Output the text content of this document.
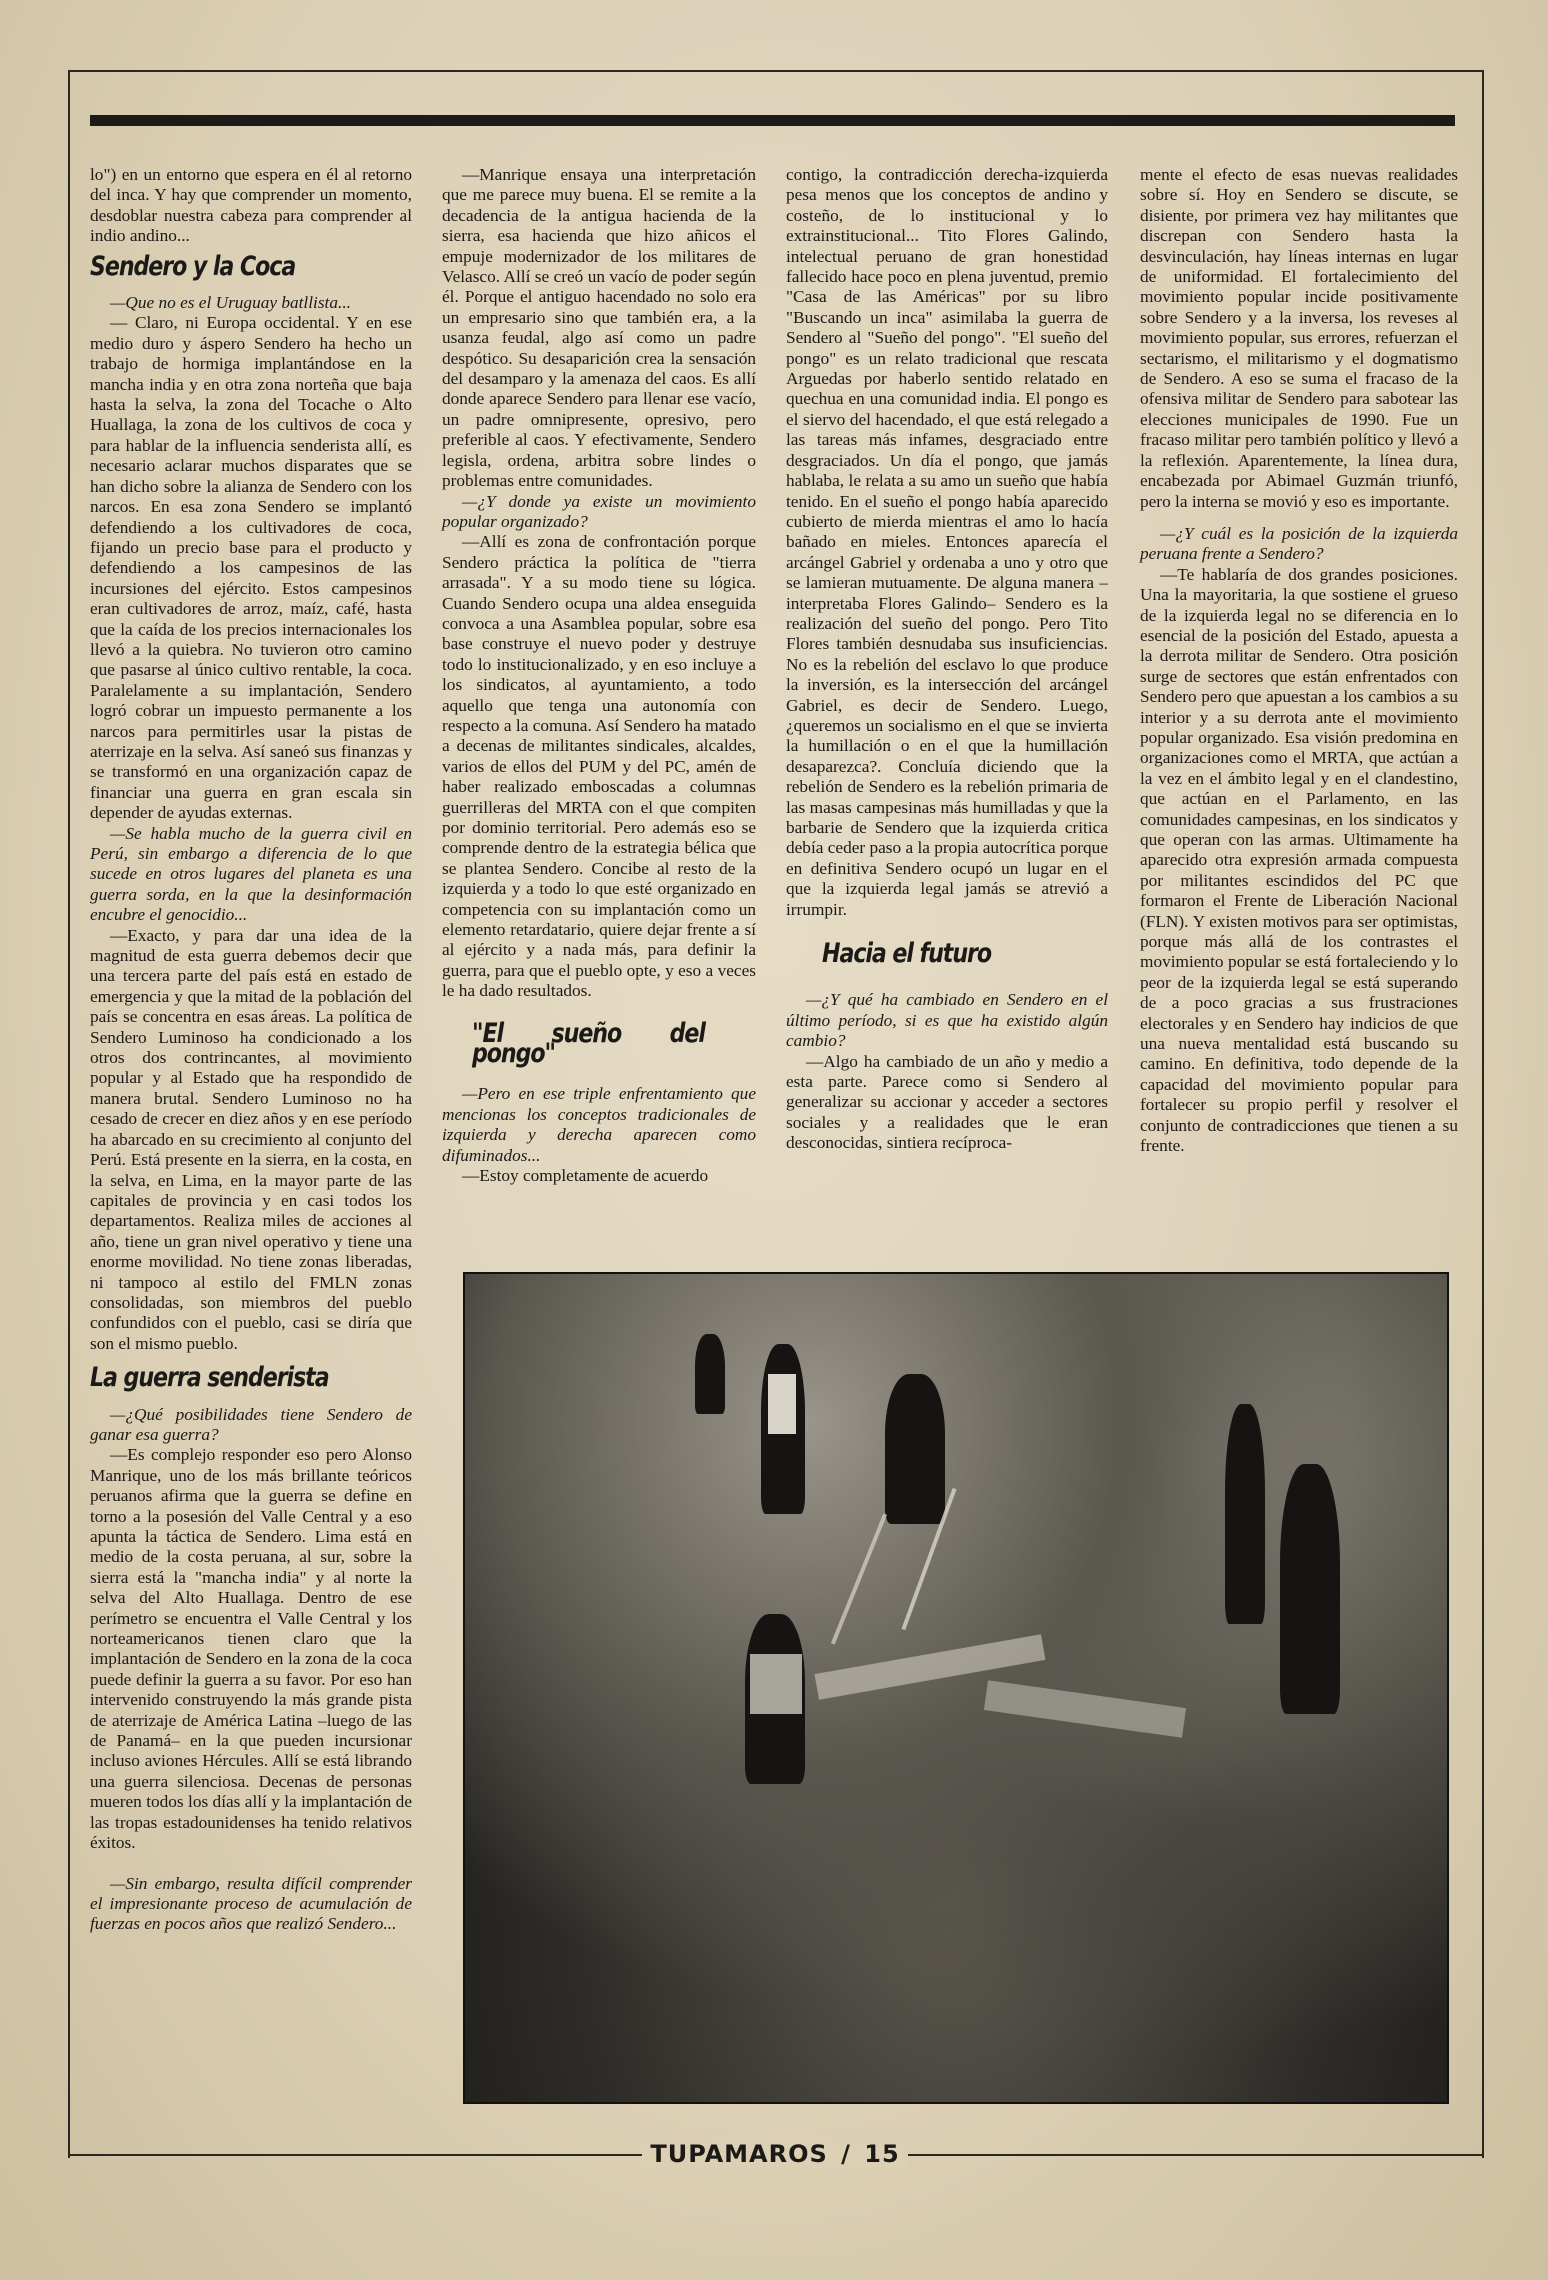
lo") en un entorno que espera en él al retorno del inca. Y hay que comprender un momento, desdoblar nuestra cabeza para comprender al indio andino...

Sendero y la Coca

—Que no es el Uruguay batllista...

— Claro, ni Europa occidental. Y en ese medio duro y áspero Sendero ha hecho un trabajo de hormiga implantándose en la mancha india y en otra zona norteña que baja hasta la selva, la zona del Tocache o Alto Huallaga, la zona de los cultivos de coca y para hablar de la influencia senderista allí, es necesario aclarar muchos disparates que se han dicho sobre la alianza de Sendero con los narcos. En esa zona Sendero se implantó defendiendo a los cultivadores de coca, fijando un precio base para el producto y defendiendo a los campesinos de las incursiones del ejército. Estos campesinos eran cultivadores de arroz, maíz, café, hasta que la caída de los precios internacionales los llevó a la quiebra. No tuvieron otro camino que pasarse al único cultivo rentable, la coca. Paralelamente a su implantación, Sendero logró cobrar un impuesto permanente a los narcos para permitirles usar la pistas de aterrizaje en la selva. Así saneó sus finanzas y se transformó en una organización capaz de financiar una guerra en gran escala sin depender de ayudas externas.

—Se habla mucho de la guerra civil en Perú, sin embargo a diferencia de lo que sucede en otros lugares del planeta es una guerra sorda, en la que la desinformación encubre el genocidio...

—Exacto, y para dar una idea de la magnitud de esta guerra debemos decir que una tercera parte del país está en estado de emergencia y que la mitad de la población del país se concentra en esas áreas. La política de Sendero Luminoso ha condicionado a los otros dos contrincantes, al movimiento popular y al Estado que ha respondido de manera brutal. Sendero Luminoso no ha cesado de crecer en diez años y en ese período ha abarcado en su crecimiento al conjunto del Perú. Está presente en la sierra, en la costa, en la selva, en Lima, en la mayor parte de las capitales de provincia y en casi todos los departamentos. Realiza miles de acciones al año, tiene un gran nivel operativo y tiene una enorme movilidad. No tiene zonas liberadas, ni tampoco al estilo del FMLN zonas consolidadas, son miembros del pueblo confundidos con el pueblo, casi se diría que son el mismo pueblo.

La guerra senderista

—¿Qué posibilidades tiene Sendero de ganar esa guerra?

—Es complejo responder eso pero Alonso Manrique, uno de los más brillante teóricos peruanos afirma que la guerra se define en torno a la posesión del Valle Central y a eso apunta la táctica de Sendero. Lima está en medio de la costa peruana, al sur, sobre la sierra está la "mancha india" y al norte la selva del Alto Huallaga. Dentro de ese perímetro se encuentra el Valle Central y los norteamericanos tienen claro que la implantación de Sendero en la zona de la coca puede definir la guerra a su favor. Por eso han intervenido construyendo la más grande pista de aterrizaje de América Latina –luego de las de Panamá– en la que pueden incursionar incluso aviones Hércules. Allí se está librando una guerra silenciosa. Decenas de personas mueren todos los días allí y la implantación de las tropas estadounidenses ha tenido relativos éxitos.

—Sin embargo, resulta difícil comprender el impresionante proceso de acumulación de fuerzas en pocos años que realizó Sendero...

—Manrique ensaya una interpretación que me parece muy buena. El se remite a la decadencia de la antigua hacienda de la sierra, esa hacienda que hizo añicos el empuje modernizador de los militares de Velasco. Allí se creó un vacío de poder según él. Porque el antiguo hacendado no solo era un empresario sino que también era, a la usanza feudal, algo así como un padre despótico. Su desaparición crea la sensación del desamparo y la amenaza del caos. Es allí donde aparece Sendero para llenar ese vacío, un padre omnipresente, opresivo, pero preferible al caos. Y efectivamente, Sendero legisla, ordena, arbitra sobre lindes o problemas entre comunidades.

—¿Y donde ya existe un movimiento popular organizado?

—Allí es zona de confrontación porque Sendero práctica la política de "tierra arrasada". Y a su modo tiene su lógica. Cuando Sendero ocupa una aldea enseguida convoca a una Asamblea popular, sobre esa base construye el nuevo poder y destruye todo lo institucionalizado, y en eso incluye a los sindicatos, al ayuntamiento, a todo aquello que tenga una autonomía con respecto a la comuna. Así Sendero ha matado a decenas de militantes sindicales, alcaldes, varios de ellos del PUM y del PC, amén de haber realizado emboscadas a columnas guerrilleras del MRTA con el que compiten por dominio territorial. Pero además eso se comprende dentro de la estrategia bélica que se plantea Sendero. Concibe al resto de la izquierda y a todo lo que esté organizado en competencia con su implantación como un elemento retardatario, quiere dejar frente a sí al ejército y a nada más, para definir la guerra, para que el pueblo opte, y eso a veces le ha dado resultados.

"El sueño del pongo"

—Pero en ese triple enfrentamiento que mencionas los conceptos tradicionales de izquierda y derecha aparecen como difuminados...

—Estoy completamente de acuerdo

contigo, la contradicción derecha-izquierda pesa menos que los conceptos de andino y costeño, de lo institucional y lo extrainstitucional... Tito Flores Galindo, intelectual peruano de gran honestidad fallecido hace poco en plena juventud, premio "Casa de las Américas" por su libro "Buscando un inca" asimilaba la guerra de Sendero al "Sueño del pongo". "El sueño del pongo" es un relato tradicional que rescata Arguedas por haberlo sentido relatado en quechua en una comunidad india. El pongo es el siervo del hacendado, el que está relegado a las tareas más infames, desgraciado entre desgraciados. Un día el pongo, que jamás hablaba, le relata a su amo un sueño que había tenido. En el sueño el pongo había aparecido cubierto de mierda mientras el amo lo hacía bañado en mieles. Entonces aparecía el arcángel Gabriel y ordenaba a uno y otro que se lamieran mutuamente. De alguna manera –interpretaba Flores Galindo– Sendero es la realización del sueño del pongo. Pero Tito Flores también desnudaba sus insuficiencias. No es la rebelión del esclavo lo que produce la inversión, es la intersección del arcángel Gabriel, es decir de Sendero. Luego, ¿queremos un socialismo en el que se invierta la humillación o en el que la humillación desaparezca?. Concluía diciendo que la rebelión de Sendero es la rebelión primaria de las masas campesinas más humilladas y que la barbarie de Sendero que la izquierda critica debía ceder paso a la propia autocrítica porque en definitiva Sendero ocupó un lugar en el que la izquierda legal jamás se atrevió a irrumpir.

Hacia el futuro

—¿Y qué ha cambiado en Sendero en el último período, si es que ha existido algún cambio?

—Algo ha cambiado de un año y medio a esta parte. Parece como si Sendero al generalizar su accionar y acceder a sectores sociales y a realidades que le eran desconocidas, sintiera recíproca-

mente el efecto de esas nuevas realidades sobre sí. Hoy en Sendero se discute, se disiente, por primera vez hay militantes que discrepan con Sendero hasta la desvinculación, hay líneas internas en lugar de uniformidad. El fortalecimiento del movimiento popular incide positivamente sobre Sendero y a la inversa, los reveses al movimiento popular, sus errores, refuerzan el sectarismo, el militarismo y el dogmatismo de Sendero. A eso se suma el fracaso de la ofensiva militar de Sendero para sabotear las elecciones municipales de 1990. Fue un fracaso militar pero también político y llevó a la reflexión. Aparentemente, la línea dura, encabezada por Abimael Guzmán triunfó, pero la interna se movió y eso es importante.

—¿Y cuál es la posición de la izquierda peruana frente a Sendero?

—Te hablaría de dos grandes posiciones. Una la mayoritaria, la que sostiene el grueso de la izquierda legal no se diferencia en lo esencial de la posición del Estado, apuesta a la derrota militar de Sendero. Otra posición surge de sectores que están enfrentados con Sendero pero que apuestan a los cambios a su interior y a su derrota ante el movimiento popular organizado. Esa visión predomina en organizaciones como el MRTA, que actúan a la vez en el ámbito legal y en el clandestino, que actúan en el Parlamento, en las comunidades campesinas, en los sindicatos y que operan con las armas. Ultimamente ha aparecido otra expresión armada compuesta por militantes escindidos del PC que formaron el Frente de Liberación Nacional (FLN). Y existen motivos para ser optimistas, porque más allá de los contrastes el movimiento popular se está fortaleciendo y lo peor de la izquierda legal se está superando de a poco gracias a sus frustraciones electorales y en Sendero hay indicios de que una nueva mentalidad está buscando su camino. En definitiva, todo depende de la capacidad del movimiento popular para fortalecer su propio perfil y resolver el conjunto de contradicciones que tienen a su frente.

TUPAMAROS / 15
